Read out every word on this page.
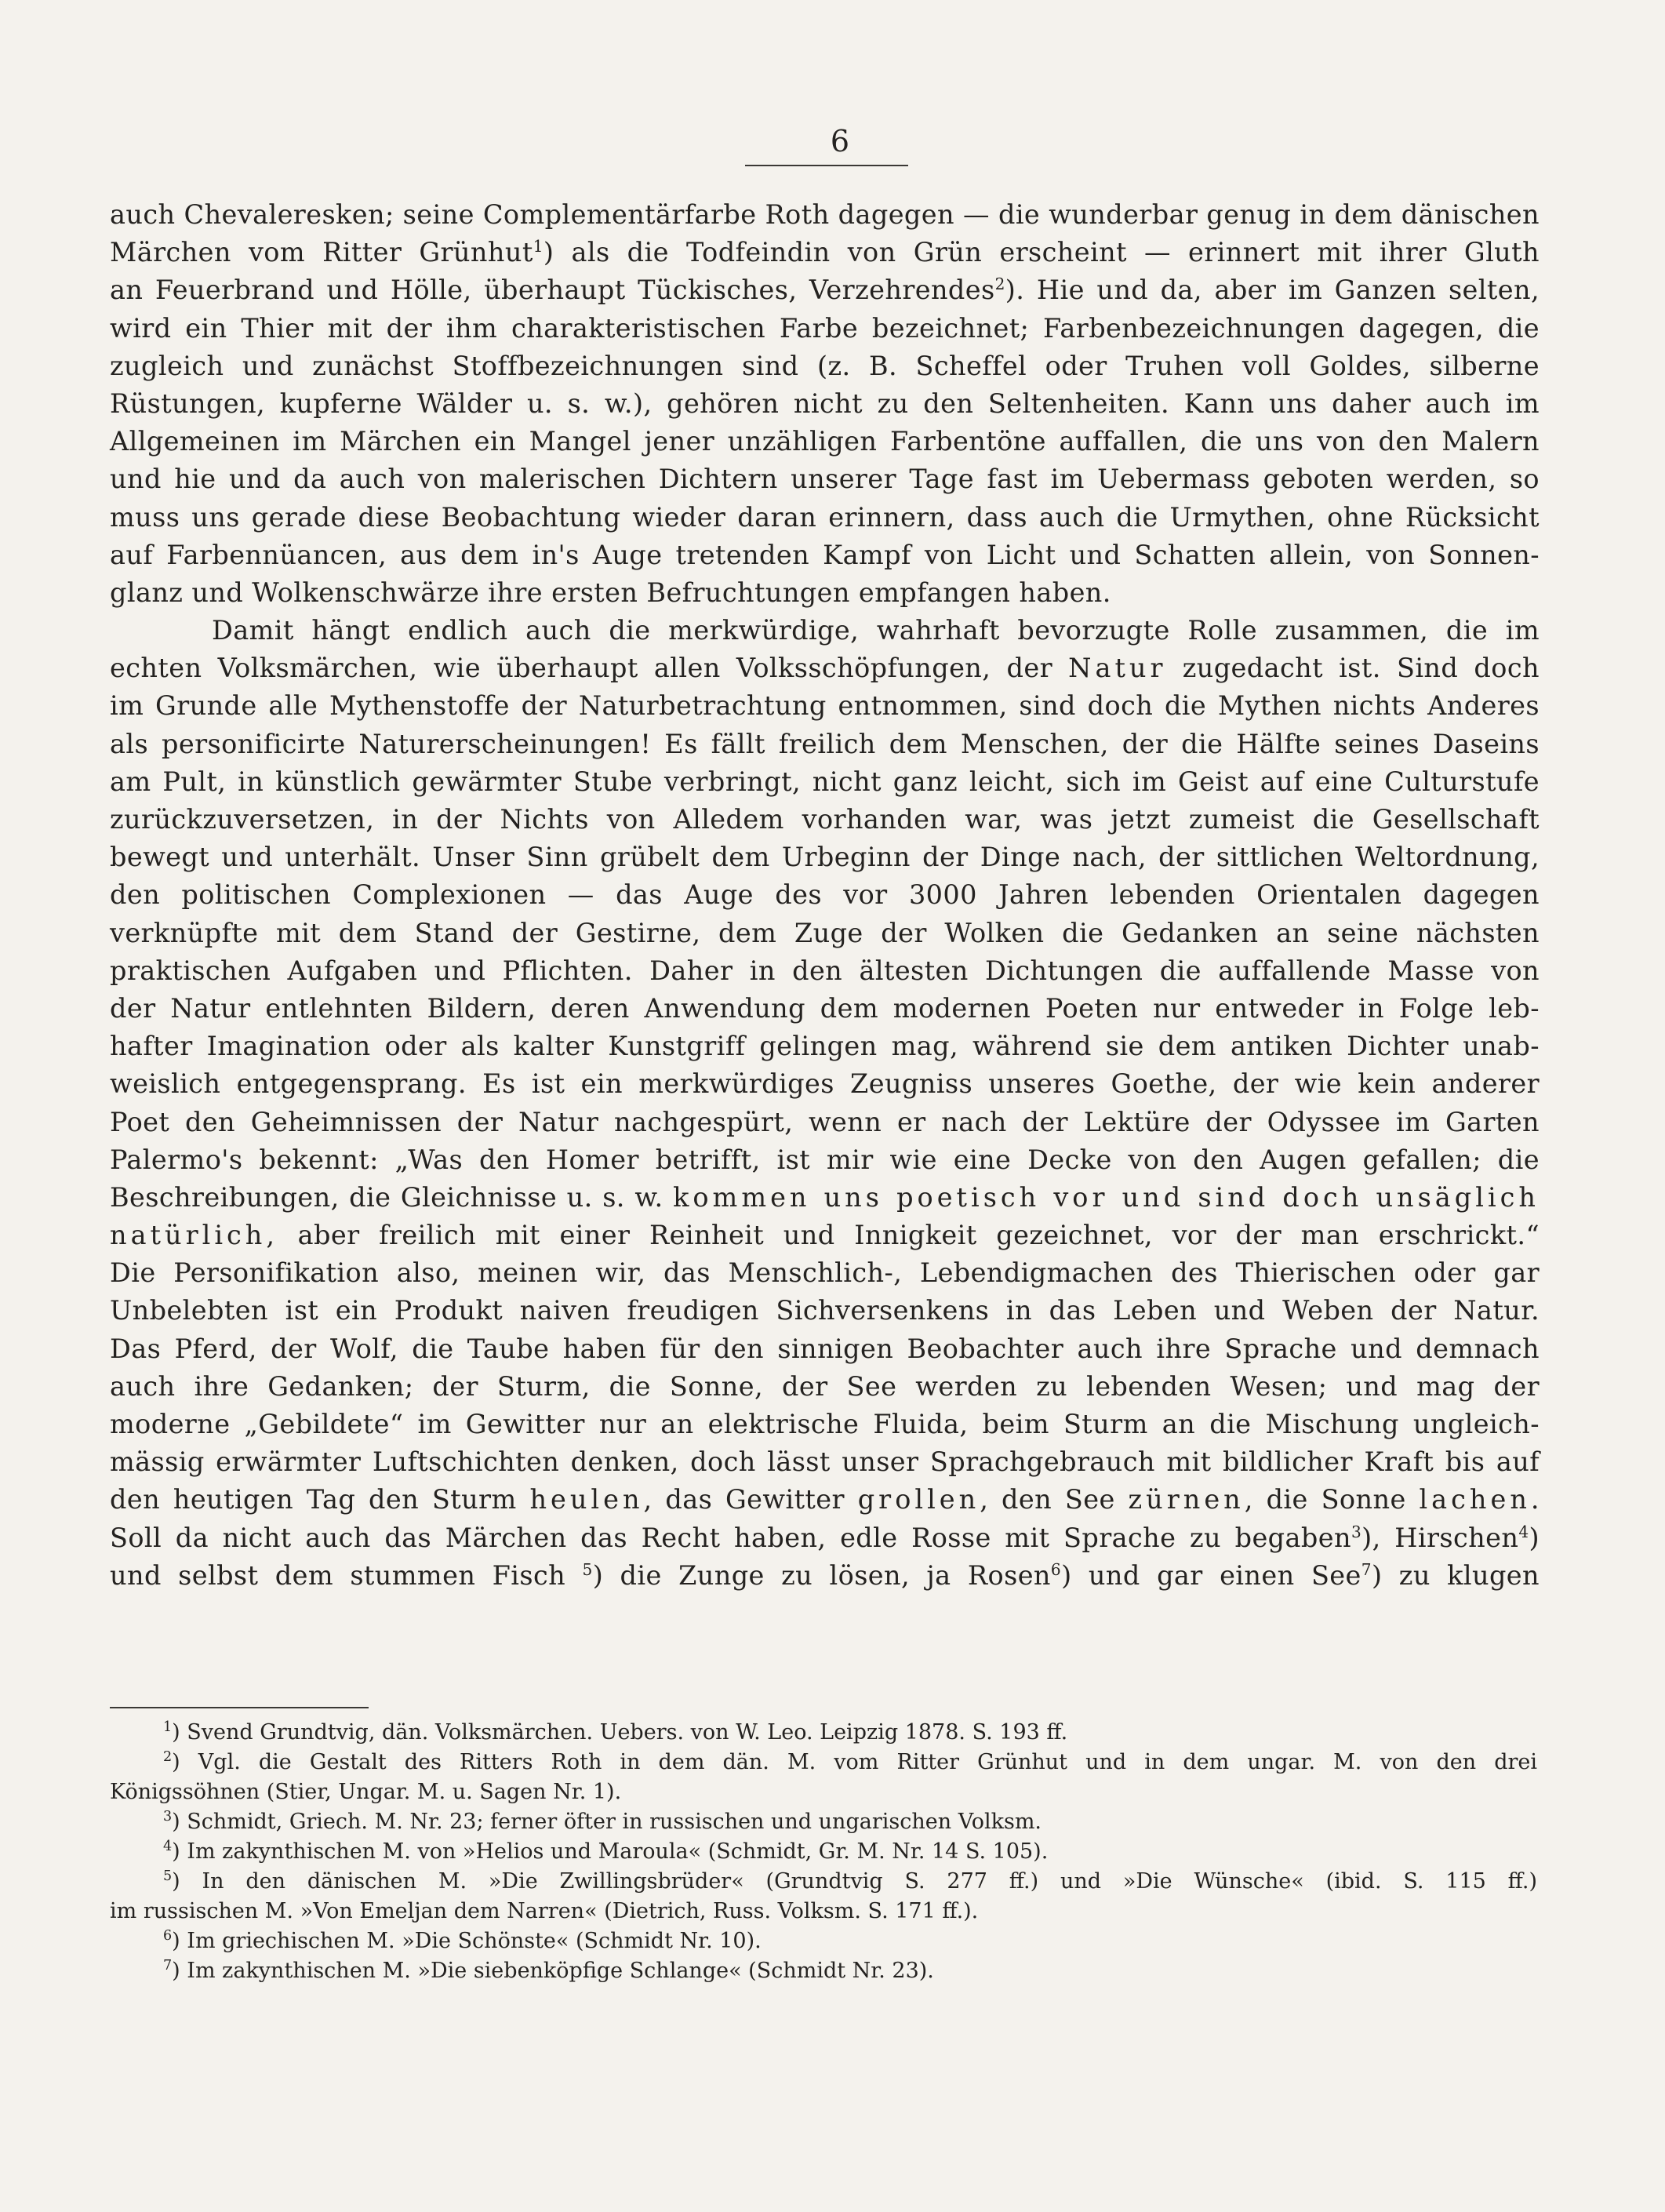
6
auch Chevaleresken; seine Complementärfarbe Roth dagegen — die wunderbar genug in dem dänischen
Märchen vom Ritter Grünhut$^1$) als die Todfeindin von Grün erscheint — erinnert mit ihrer Gluth
an Feuerbrand und Hölle, überhaupt Tückisches, Verzehrendes$^2$). Hie und da, aber im Ganzen selten,
wird ein Thier mit der ihm charakteristischen Farbe bezeichnet; Farbenbezeichnungen dagegen, die
zugleich und zunächst Stoffbezeichnungen sind (z. B. Scheffel oder Truhen voll Goldes, silberne
Rüstungen, kupferne Wälder u. s. w.), gehören nicht zu den Seltenheiten. Kann uns daher auch im
Allgemeinen im Märchen ein Mangel jener unzähligen Farbentöne auffallen, die uns von den Malern
und hie und da auch von malerischen Dichtern unserer Tage fast im Uebermass geboten werden, so
muss uns gerade diese Beobachtung wieder daran erinnern, dass auch die Urmythen, ohne Rücksicht
auf Farbennüancen, aus dem in's Auge tretenden Kampf von Licht und Schatten allein, von Sonnen-
glanz und Wolkenschwärze ihre ersten Befruchtungen empfangen haben.
Damit hängt endlich auch die merkwürdige, wahrhaft bevorzugte Rolle zusammen, die im
echten Volksmärchen, wie überhaupt allen Volksschöpfungen, der Natur zugedacht ist. Sind doch
im Grunde alle Mythenstoffe der Naturbetrachtung entnommen, sind doch die Mythen nichts Anderes
als personificirte Naturerscheinungen! Es fällt freilich dem Menschen, der die Hälfte seines Daseins
am Pult, in künstlich gewärmter Stube verbringt, nicht ganz leicht, sich im Geist auf eine Culturstufe
zurückzuversetzen, in der Nichts von Alledem vorhanden war, was jetzt zumeist die Gesellschaft
bewegt und unterhält. Unser Sinn grübelt dem Urbeginn der Dinge nach, der sittlichen Weltordnung,
den politischen Complexionen — das Auge des vor 3000 Jahren lebenden Orientalen dagegen
verknüpfte mit dem Stand der Gestirne, dem Zuge der Wolken die Gedanken an seine nächsten
praktischen Aufgaben und Pflichten. Daher in den ältesten Dichtungen die auffallende Masse von
der Natur entlehnten Bildern, deren Anwendung dem modernen Poeten nur entweder in Folge leb-
hafter Imagination oder als kalter Kunstgriff gelingen mag, während sie dem antiken Dichter unab-
weislich entgegensprang. Es ist ein merkwürdiges Zeugniss unseres Goethe, der wie kein anderer
Poet den Geheimnissen der Natur nachgespürt, wenn er nach der Lektüre der Odyssee im Garten
Palermo's bekennt: „Was den Homer betrifft, ist mir wie eine Decke von den Augen gefallen; die
Beschreibungen, die Gleichnisse u. s. w. kommen uns poetisch vor und sind doch unsäglich
natürlich, aber freilich mit einer Reinheit und Innigkeit gezeichnet, vor der man erschrickt.“
Die Personifikation also, meinen wir, das Menschlich-, Lebendigmachen des Thierischen oder gar
Unbelebten ist ein Produkt naiven freudigen Sichversenkens in das Leben und Weben der Natur.
Das Pferd, der Wolf, die Taube haben für den sinnigen Beobachter auch ihre Sprache und demnach
auch ihre Gedanken; der Sturm, die Sonne, der See werden zu lebenden Wesen; und mag der
moderne „Gebildete“ im Gewitter nur an elektrische Fluida, beim Sturm an die Mischung ungleich-
mässig erwärmter Luftschichten denken, doch lässt unser Sprachgebrauch mit bildlicher Kraft bis auf
den heutigen Tag den Sturm heulen, das Gewitter grollen, den See zürnen, die Sonne lachen.
Soll da nicht auch das Märchen das Recht haben, edle Rosse mit Sprache zu begaben$^3$), Hirschen$^4$)
und selbst dem stummen Fisch $^5$) die Zunge zu lösen, ja Rosen$^6$) und gar einen See$^7$) zu klugen
$^1$) Svend Grundtvig, dän. Volksmärchen. Uebers. von W. Leo. Leipzig 1878. S. 193 ff.
$^2$) Vgl. die Gestalt des Ritters Roth in dem dän. M. vom Ritter Grünhut und in dem ungar. M. von den drei
Königssöhnen (Stier, Ungar. M. u. Sagen Nr. 1).
$^3$) Schmidt, Griech. M. Nr. 23; ferner öfter in russischen und ungarischen Volksm.
$^4$) Im zakynthischen M. von »Helios und Maroula« (Schmidt, Gr. M. Nr. 14 S. 105).
$^5$) In den dänischen M. »Die Zwillingsbrüder« (Grundtvig S. 277 ff.) und »Die Wünsche« (ibid. S. 115 ff.)
im russischen M. »Von Emeljan dem Narren« (Dietrich, Russ. Volksm. S. 171 ff.).
$^6$) Im griechischen M. »Die Schönste« (Schmidt Nr. 10).
$^7$) Im zakynthischen M. »Die siebenköpfige Schlange« (Schmidt Nr. 23).
